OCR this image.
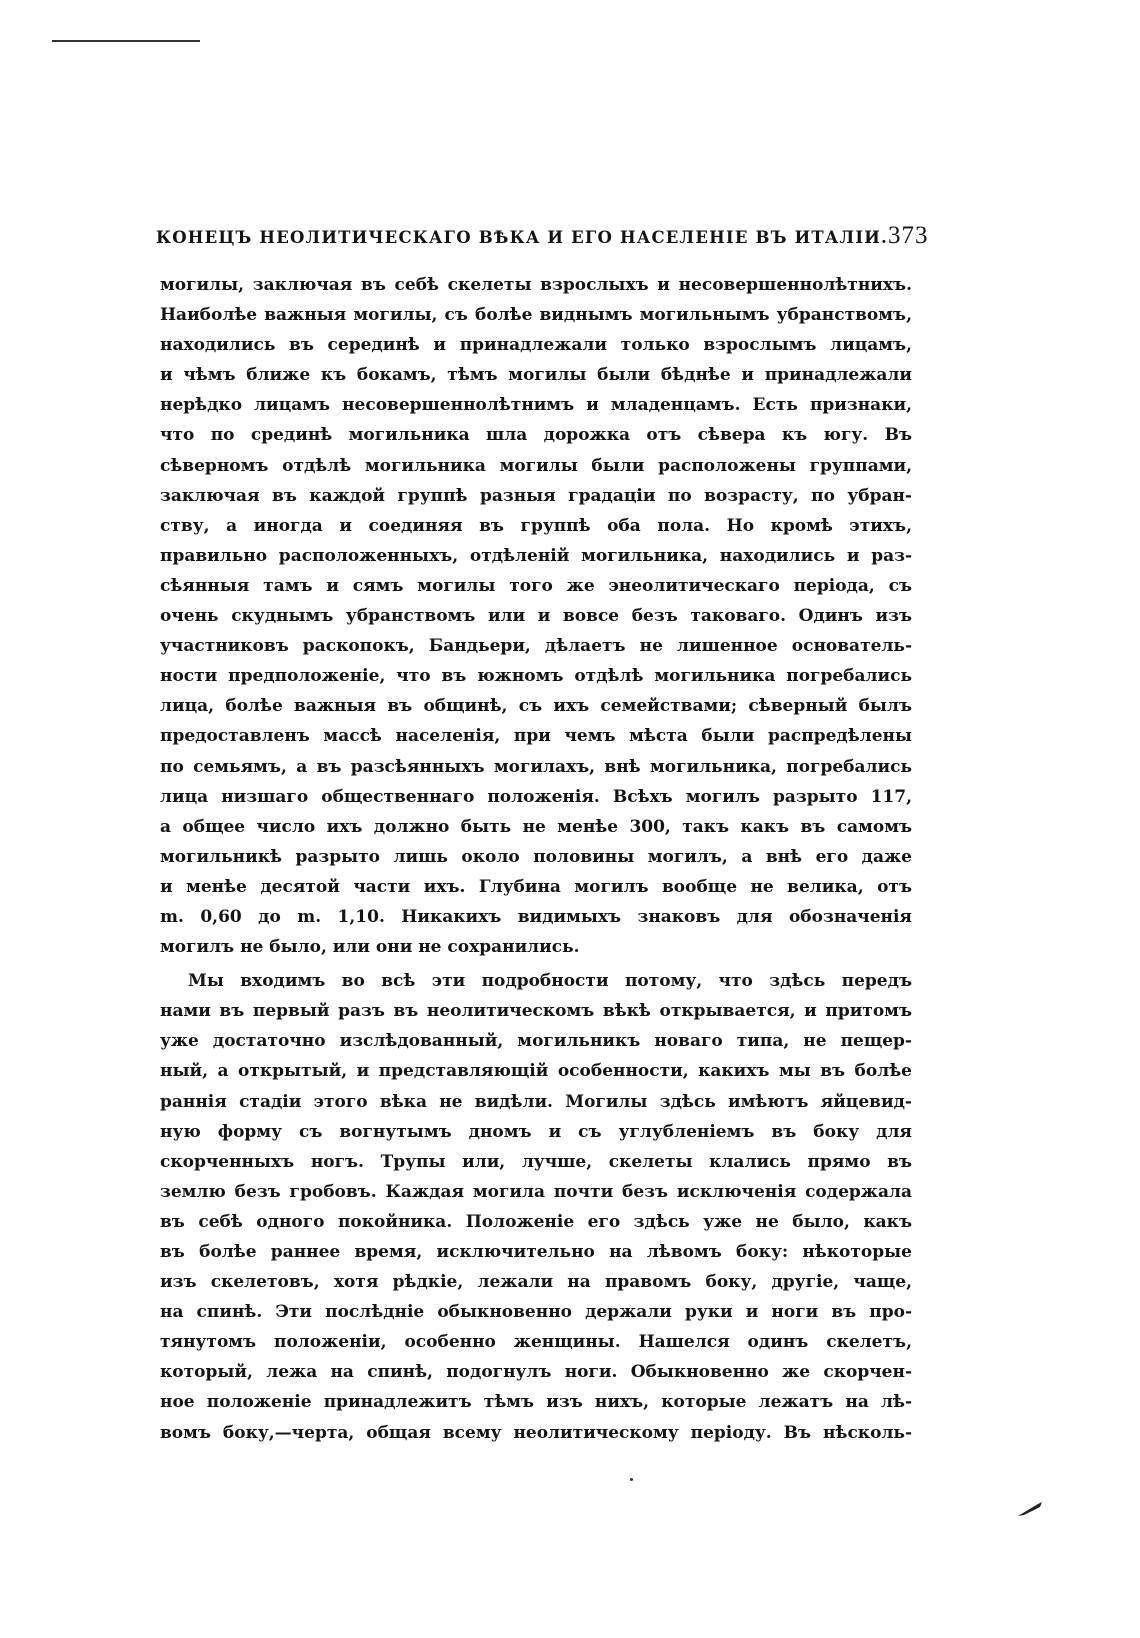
КОНЕЦЪ НЕОЛИТИЧЕСКАГО ВѢКА И ЕГО НАСЕЛЕНІЕ ВЪ ИТАЛІИ. 373
могилы, заключая въ себѣ скелеты взрослыхъ и несовершеннолѣтнихъ.
Наиболѣе важныя могилы, съ болѣе виднымъ могильнымъ убранствомъ,
находились въ серединѣ и принадлежали только взрослымъ лицамъ,
и чѣмъ ближе къ бокамъ, тѣмъ могилы были бѣднѣе и принадлежали
нерѣдко лицамъ несовершеннолѣтнимъ и младенцамъ. Есть признаки,
что по срединѣ могильника шла дорожка отъ сѣвера къ югу. Въ
сѣверномъ отдѣлѣ могильника могилы были расположены группами,
заключая въ каждой группѣ разныя градаціи по возрасту, по убран-
ству, а иногда и соединяя въ группѣ оба пола. Но кромѣ этихъ,
правильно расположенныхъ, отдѣленій могильника, находились и раз-
сѣянныя тамъ и сямъ могилы того же энеолитическаго періода, съ
очень скуднымъ убранствомъ или и вовсе безъ таковаго. Одинъ изъ
участниковъ раскопокъ, Бандьери, дѣлаетъ не лишенное основатель-
ности предположеніе, что въ южномъ отдѣлѣ могильника погребались
лица, болѣе важныя въ общинѣ, съ ихъ семействами; сѣверный былъ
предоставленъ массѣ населенія, при чемъ мѣста были распредѣлены
по семьямъ, а въ разсѣянныхъ могилахъ, внѣ могильника, погребались
лица низшаго общественнаго положенія. Всѣхъ могилъ разрыто 117,
а общее число ихъ должно быть не менѣе 300, такъ какъ въ самомъ
могильникѣ разрыто лишь около половины могилъ, а внѣ его даже
и менѣе десятой части ихъ. Глубина могилъ вообще не велика, отъ
m. 0,60 до m. 1,10. Никакихъ видимыхъ знаковъ для обозначенія
могилъ не было, или они не сохранились.
Мы входимъ во всѣ эти подробности потому, что здѣсь передъ
нами въ первый разъ въ неолитическомъ вѣкѣ открывается, и притомъ
уже достаточно изслѣдованный, могильникъ новаго типа, не пещер-
ный, а открытый, и представляющій особенности, какихъ мы въ болѣе
раннія стадіи этого вѣка не видѣли. Могилы здѣсь имѣютъ яйцевид-
ную форму съ вогнутымъ дномъ и съ углубленіемъ въ боку для
скорченныхъ ногъ. Трупы или, лучше, скелеты клались прямо въ
землю безъ гробовъ. Каждая могила почти безъ исключенія содержала
въ себѣ одного покойника. Положеніе его здѣсь уже не было, какъ
въ болѣе раннее время, исключительно на лѣвомъ боку: нѣкоторые
изъ скелетовъ, хотя рѣдкіе, лежали на правомъ боку, другіе, чаще,
на спинѣ. Эти послѣдніе обыкновенно держали руки и ноги въ про-
тянутомъ положеніи, особенно женщины. Нашелся одинъ скелетъ,
который, лежа на спинѣ, подогнулъ ноги. Обыкновенно же скорчен-
ное положеніе принадлежитъ тѣмъ изъ нихъ, которые лежатъ на лѣ-
вомъ боку,—черта, общая всему неолитическому періоду. Въ нѣсколь-
